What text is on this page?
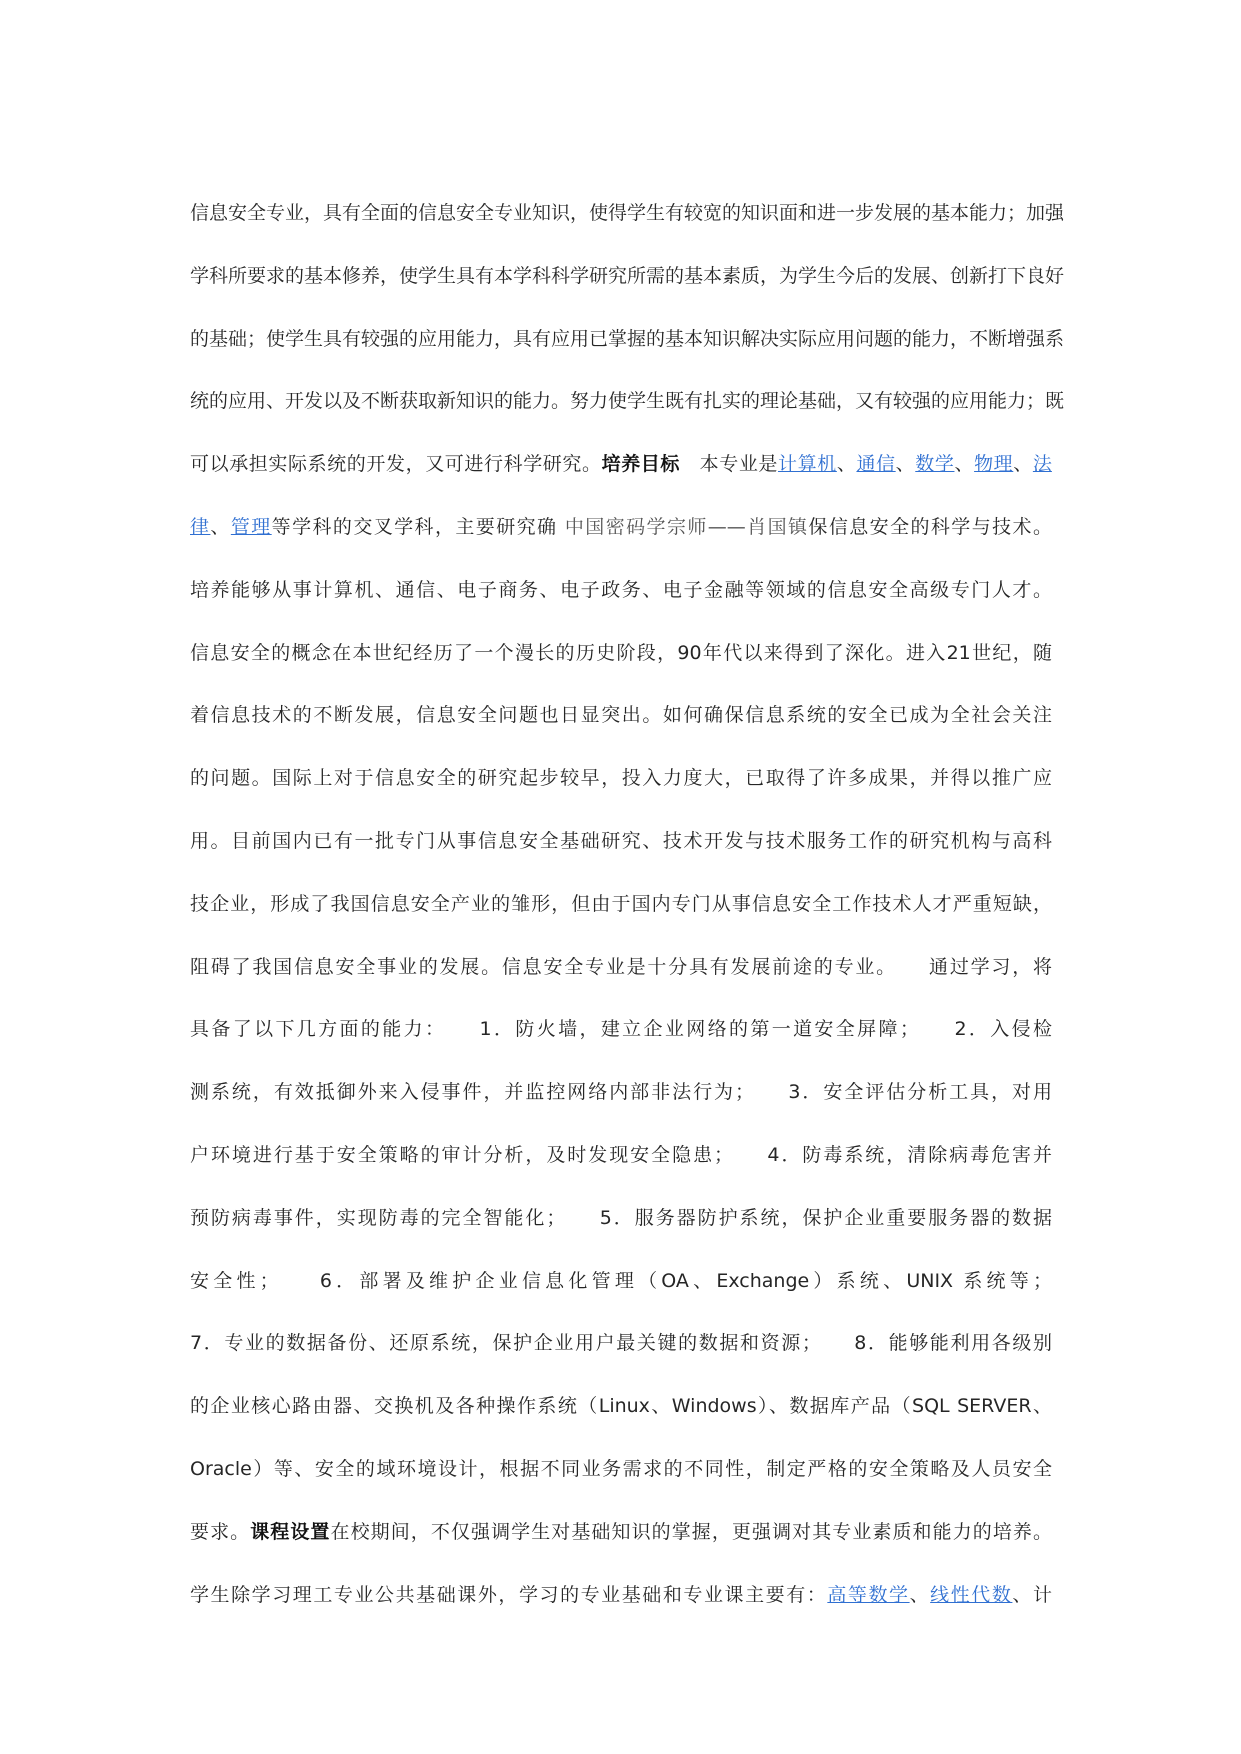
信息安全专业，具有全面的信息安全专业知识，使得学生有较宽的知识面和进一步发展的基本能力；加强
学科所要求的基本修养，使学生具有本学科科学研究所需的基本素质，为学生今后的发展、创新打下良好
的基础；使学生具有较强的应用能力，具有应用已掌握的基本知识解决实际应用问题的能力，不断增强系
统的应用、开发以及不断获取新知识的能力。努力使学生既有扎实的理论基础，又有较强的应用能力；既
可以承担实际系统的开发，又可进行科学研究。培养目标　本专业是计算机、通信、数学、物理、法
律、管理等学科的交叉学科，主要研究确 中国密码学宗师——肖国镇保信息安全的科学与技术。
培养能够从事计算机、通信、电子商务、电子政务、电子金融等领域的信息安全高级专门人才。
信息安全的概念在本世纪经历了一个漫长的历史阶段，90年代以来得到了深化。进入21世纪，随
着信息技术的不断发展，信息安全问题也日显突出。如何确保信息系统的安全已成为全社会关注
的问题。国际上对于信息安全的研究起步较早，投入力度大，已取得了许多成果，并得以推广应
用。目前国内已有一批专门从事信息安全基础研究、技术开发与技术服务工作的研究机构与高科
技企业，形成了我国信息安全产业的雏形，但由于国内专门从事信息安全工作技术人才严重短缺，
阻碍了我国信息安全事业的发展。信息安全专业是十分具有发展前途的专业。　　通过学习，将
具备了以下几方面的能力：　　1．防火墙，建立企业网络的第一道安全屏障；　　2．入侵检
测系统，有效抵御外来入侵事件，并监控网络内部非法行为；　　3．安全评估分析工具，对用
户环境进行基于安全策略的审计分析，及时发现安全隐患；　　4．防毒系统，清除病毒危害并
预防病毒事件，实现防毒的完全智能化；　　5．服务器防护系统，保护企业重要服务器的数据
安全性；　　6．部署及维护企业信息化管理（OA、Exchange）系统、UNIX 系统等；
7．专业的数据备份、还原系统，保护企业用户最关键的数据和资源；　　8．能够能利用各级别
的企业核心路由器、交换机及各种操作系统（Linux、Windows）、数据库产品（SQL SERVER、
Oracle）等、安全的域环境设计，根据不同业务需求的不同性，制定严格的安全策略及人员安全
要求。课程设置在校期间，不仅强调学生对基础知识的掌握，更强调对其专业素质和能力的培养。
学生除学习理工专业公共基础课外，学习的专业基础和专业课主要有：高等数学、线性代数、计
